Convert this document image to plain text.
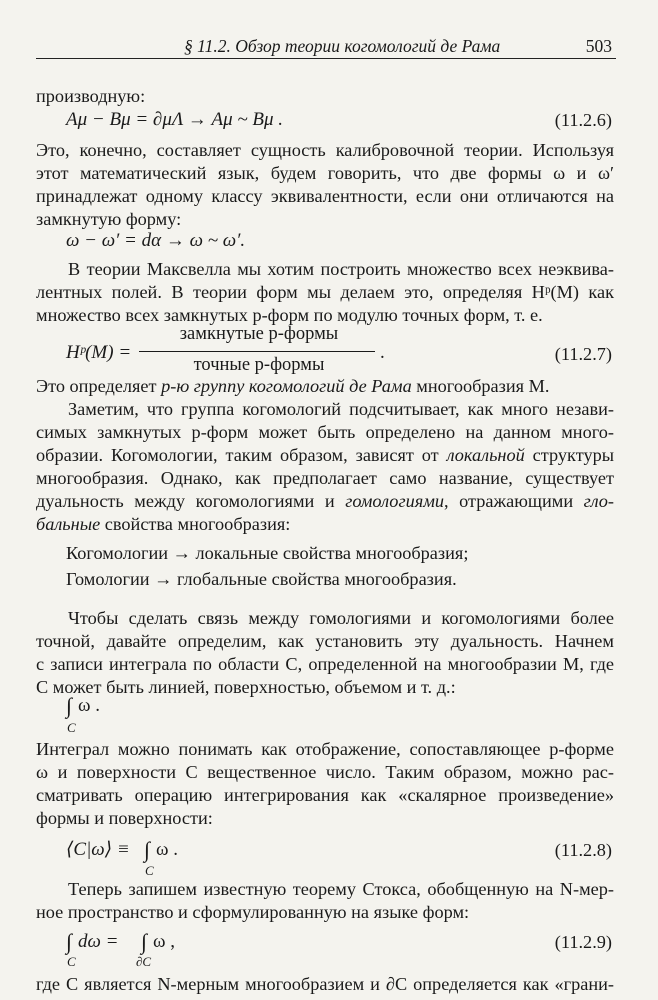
§ 11.2. Обзор теории когомологий де Рама	503
производную:
Aμ − Bμ = ∂μΛ → Aμ ~ Bμ .	(11.2.6)
Это, конечно, составляет сущность калибровочной теории. Используя
этот математический язык, будем говорить, что две формы ω и ω′
принадлежат одному классу эквивалентности, если они отличаются на
замкнутую форму:
ω − ω′ = dα → ω ~ ω′.
В теории Максвелла мы хотим построить множество всех неэквива-
лентных полей. В теории форм мы делаем это, определяя Hᵖ(M) как
множество всех замкнутых p-форм по модулю точных форм, т. е.
Hᵖ(M) =
замкнутые p-формы
точные p-формы
.	(11.2.7)
Это определяет p-ю группу когомологий де Рама многообразия M.
Заметим, что группа когомологий подсчитывает, как много незави-
симых замкнутых p-форм может быть определено на данном много-
образии. Когомологии, таким образом, зависят от локальной структуры
многообразия. Однако, как предполагает само название, существует
дуальность между когомологиями и гомологиями, отражающими гло-
бальные свойства многообразия:
Когомологии → локальные свойства многообразия;
Гомологии → глобальные свойства многообразия.
Чтобы сделать связь между гомологиями и когомологиями более
точной, давайте определим, как установить эту дуальность. Начнем
с записи интеграла по области C, определенной на многообразии M, где
C может быть линией, поверхностью, объемом и т. д.:
∫ ω .
C
Интеграл можно понимать как отображение, сопоставляющее p-форме
ω и поверхности C вещественное число. Таким образом, можно рас-
сматривать операцию интегрирования как «скалярное произведение»
формы и поверхности:
⟨C|ω⟩ ≡ ∫ ω .
C
(11.2.8)
Теперь запишем известную теорему Стокса, обобщенную на N-мер-
ное пространство и сформулированную на языке форм:
∫ dω =
C
∫ ω ,
∂C
(11.2.9)
где C является N-мерным многообразием и ∂C определяется как «грани-
